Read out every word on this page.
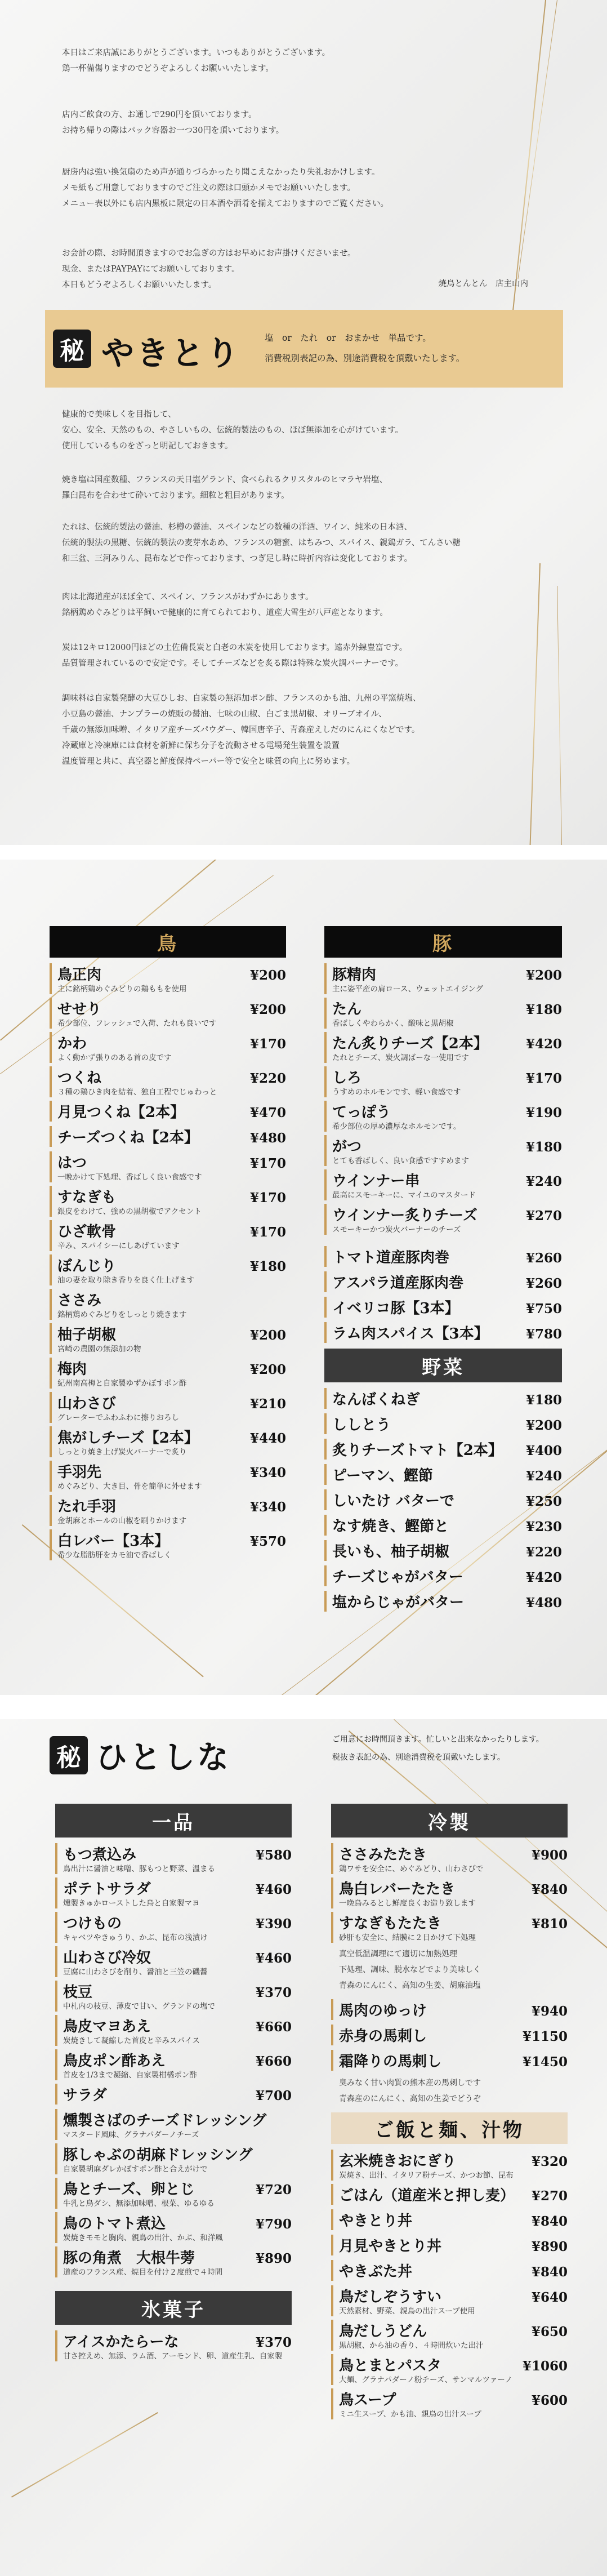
本日はご来店誠にありがとうございます。いつもありがとうございます。
鶏一杯備傷りますのでどうぞよろしくお願いいたします。
店内ご飲食の方、お通しで290円を頂いております。
お持ち帰りの際はパック容器お一つ30円を頂いております。
厨房内は強い換気扇のため声が通りづらかったり聞こえなかったり失礼おかけします。
メモ紙もご用意しておりますのでご注文の際は口頭かメモでお願いいたします。
メニュー表以外にも店内黒板に限定の日本酒や酒肴を揃えておりますのでご覧ください。
お会計の際、お時間頂きますのでお急ぎの方はお早めにお声掛けくださいませ。
現金、またはPAYPAYにてお願いしております。
本日もどうぞよろしくお願いいたします。	焼鳥とんとん　店主山内
秘 やきとり	塩　or　たれ　or　おまかせ　単品です。
消費税別表記の為、別途消費税を頂戴いたします。
健康的で美味しくを目指して、
安心、安全、天然のもの、やさしいもの、伝統的製法のもの、ほぼ無添加を心がけています。
使用しているものをざっと明記しておきます。
焼き塩は国産数種、フランスの天日塩ゲランド、食べられるクリスタルのヒマラヤ岩塩、
羅臼昆布を合わせて砕いております。細粒と粗目があります。
たれは、伝統的製法の醤油、杉樽の醤油、スペインなどの数種の洋酒、ワイン、純米の日本酒、
伝統的製法の黒糖、伝統的製法の麦芽水あめ、フランスの糖蜜、はちみつ、スパイス、親鶏ガラ、てんさい糖
和三盆、三河みりん、昆布などで作っております、つぎ足し時に時折内容は変化しております。
肉は北海道産がほぼ全て、スペイン、フランスがわずかにあります。
銘柄鶏めぐみどりは平飼いで健康的に育てられており、道産大雪生が八戸産となります。
炭は12キロ12000円ほどの土佐備長炭と白老の木炭を使用しております。遠赤外線豊富です。
品質管理されているので安定です。そしてチーズなどを炙る際は特殊な炭火調バーナーです。
調味料は自家製発酵の大豆ひしお、自家製の無添加ポン酢、フランスのかも油、九州の平窯焼塩、
小豆島の醤油、ナンプラーの焼販の醤油、七味の山椒、白ごま黒胡椒、オリーブオイル、
千歳の無添加味噌、イタリア産チーズパウダー、韓国唐辛子、青森産えしだのにんにくなどです。
冷蔵庫と冷凍庫には食材を新鮮に保ち分子を流動させる電場発生装置を設置
温度管理と共に、真空器と鮮度保持ペーパー等で安全と味質の向上に努めます。
鳥
鳥正肉	¥200
主に銘柄鶏めぐみどりの鶏ももを使用
せせり	¥200
希少部位、フレッシュで入荷、たれも良いです
かわ	¥170
よく動かず張りのある首の皮です
つくね	¥220
３種の鶏ひき肉を結着、独自工程でじゅわっと
月見つくね【2本】	¥470
チーズつくね【2本】	¥480
はつ	¥170
一晩かけて下処理、香ばしく良い食感です
すなぎも	¥170
銀皮をわけて、強めの黒胡椒でアクセント
ひざ軟骨	¥170
辛み、スパイシーにしあげています
ぼんじり	¥180
油の妻を取り除き香りを良く仕上げます
ささみ
銘柄鶏めぐみどりをしっとり焼きます
柚子胡椒	¥200
宮崎の農園の無添加の物
梅肉	¥200
紀州南高梅と自家製ゆずかぼすポン酢
山わさび	¥210
グレーターでふわふわに擦りおろし
焦がしチーズ【2本】	¥440
しっとり焼き上げ炭火バーナーで炙り
手羽先	¥340
めぐみどり、大き目、骨を簡単に外せます
たれ手羽	¥340
金胡麻とホールの山椒を刷りかけます
白レバー【3本】	¥570
希少な脂肪肝をカモ油で香ばしく
豚
豚精肉	¥200
主に姿平産の肩ロース、ウェットエイジング
たん	¥180
香ばしくやわらかく、酸味と黒胡椒
たん炙りチーズ【2本】	¥420
たれとチーズ、炭火調ばーな一使用です
しろ	¥170
うすめのホルモンです、軽い食感です
てっぽう	¥190
希少部位の厚め濃厚なホルモンです。
がつ	¥180
とても香ばしく、良い食感ですすめます
ウインナー串	¥240
最高にスモーキーに、マイユのマスタード
ウインナー炙りチーズ	¥270
スモーキーかつ炭火バーナーのチーズ
トマト道産豚肉巻	¥260
アスパラ道産豚肉巻	¥260
イベリコ豚【3本】	¥750
ラム肉スパイス【3本】	¥780
野菜
なんばくねぎ	¥180
ししとう	¥200
炙りチーズトマト【2本】 ¥400
ピーマン、鰹節	¥240
しいたけ バターで	¥250
なす焼き、鰹節と	¥230
長いも、柚子胡椒	¥220
チーズじゃがバター	¥420
塩からじゃがバター	¥480
秘 ひとしな	ご用意にお時間頂きます。忙しいと出来なかったりします。
税抜き表記の為、別途消費税を頂戴いたします。
一品
もつ煮込み	¥580
鳥出汁に醤油と味噌、豚もつと野菜、温まる
ポテトサラダ	¥460
燻製きゅかローストした鳥と自家製マヨ
つけもの	¥390
キャベツやきゅうり、かぶ、昆布の浅漬け
山わさび冷奴	¥460
豆腐に山わさびを削り、醤油と三笠の磯醤
枝豆	¥370
中札内の枝豆、薄皮で甘い、グランドの塩で
鳥皮マヨあえ	¥660
炭焼きして凝縮した首皮と辛みスパイス
鳥皮ポン酢あえ	¥660
首皮を1/3まで凝縮、自家製柑橘ポン酢
サラダ	¥700
燻製さばのチーズドレッシング
マスタード風味、グラナパダーノチーズ
豚しゃぶの胡麻ドレッシング
自家製胡麻ダレかぼすポン酢と合えがけで
鳥とチーズ、卵とじ	¥720
牛乳と鳥ダシ、無添加味噌、根菜、ゆるゆる
鳥のトマト煮込	¥790
炭焼きモモと胸肉、親鳥の出汁、かぶ、和洋風
豚の角煮　大根牛蒡	¥890
道産のフランス産、焼目を付け２度煎で４時間
氷菓子
アイスかたらーな	¥370
甘さ控えめ、無添、ラム酒、アーモンド、卵、道産生乳、自家製
冷製
ささみたたき	¥900
鶏ワサを安全に、めぐみどり、山わさびで
鳥白レバーたたき	¥840
一晩鳥みるとし鮮度良くお造り致します
すなぎもたたき	¥810
砂肝も安全に、結膜に２日かけて下処理
真空低温調理にて適切に加熱処理
下処理、調味、脱水などでより美味しく
青森のにんにく、高知の生姜、胡麻油塩
馬肉のゆっけ	¥940
赤身の馬刺し	¥1150
霜降りの馬刺し	¥1450
臭みなく甘い肉質の熊本産の馬刺しです
青森産のにんにく、高知の生姜でどうぞ
ご飯と麺、汁物
玄米焼きおにぎり	¥320
炭焼き、出汁、イタリア粉チーズ、かつお節、昆布
ごはん（道産米と押し麦） ¥270
やきとり丼	¥840
月見やきとり丼	¥890
やきぶた丼	¥840
鳥だしぞうすい	¥640
天然素材、野菜、親鳥の出汁スープ使用
鳥だしうどん	¥650
黒胡椒、から油の香り、４時間炊いた出汁
鳥とまとパスタ	¥1060
大麺、グラナパダーノ粉チーズ、サンマルツァーノ
鳥スープ	¥600
ミニ生スープ、かも油、親鳥の出汁スープ
